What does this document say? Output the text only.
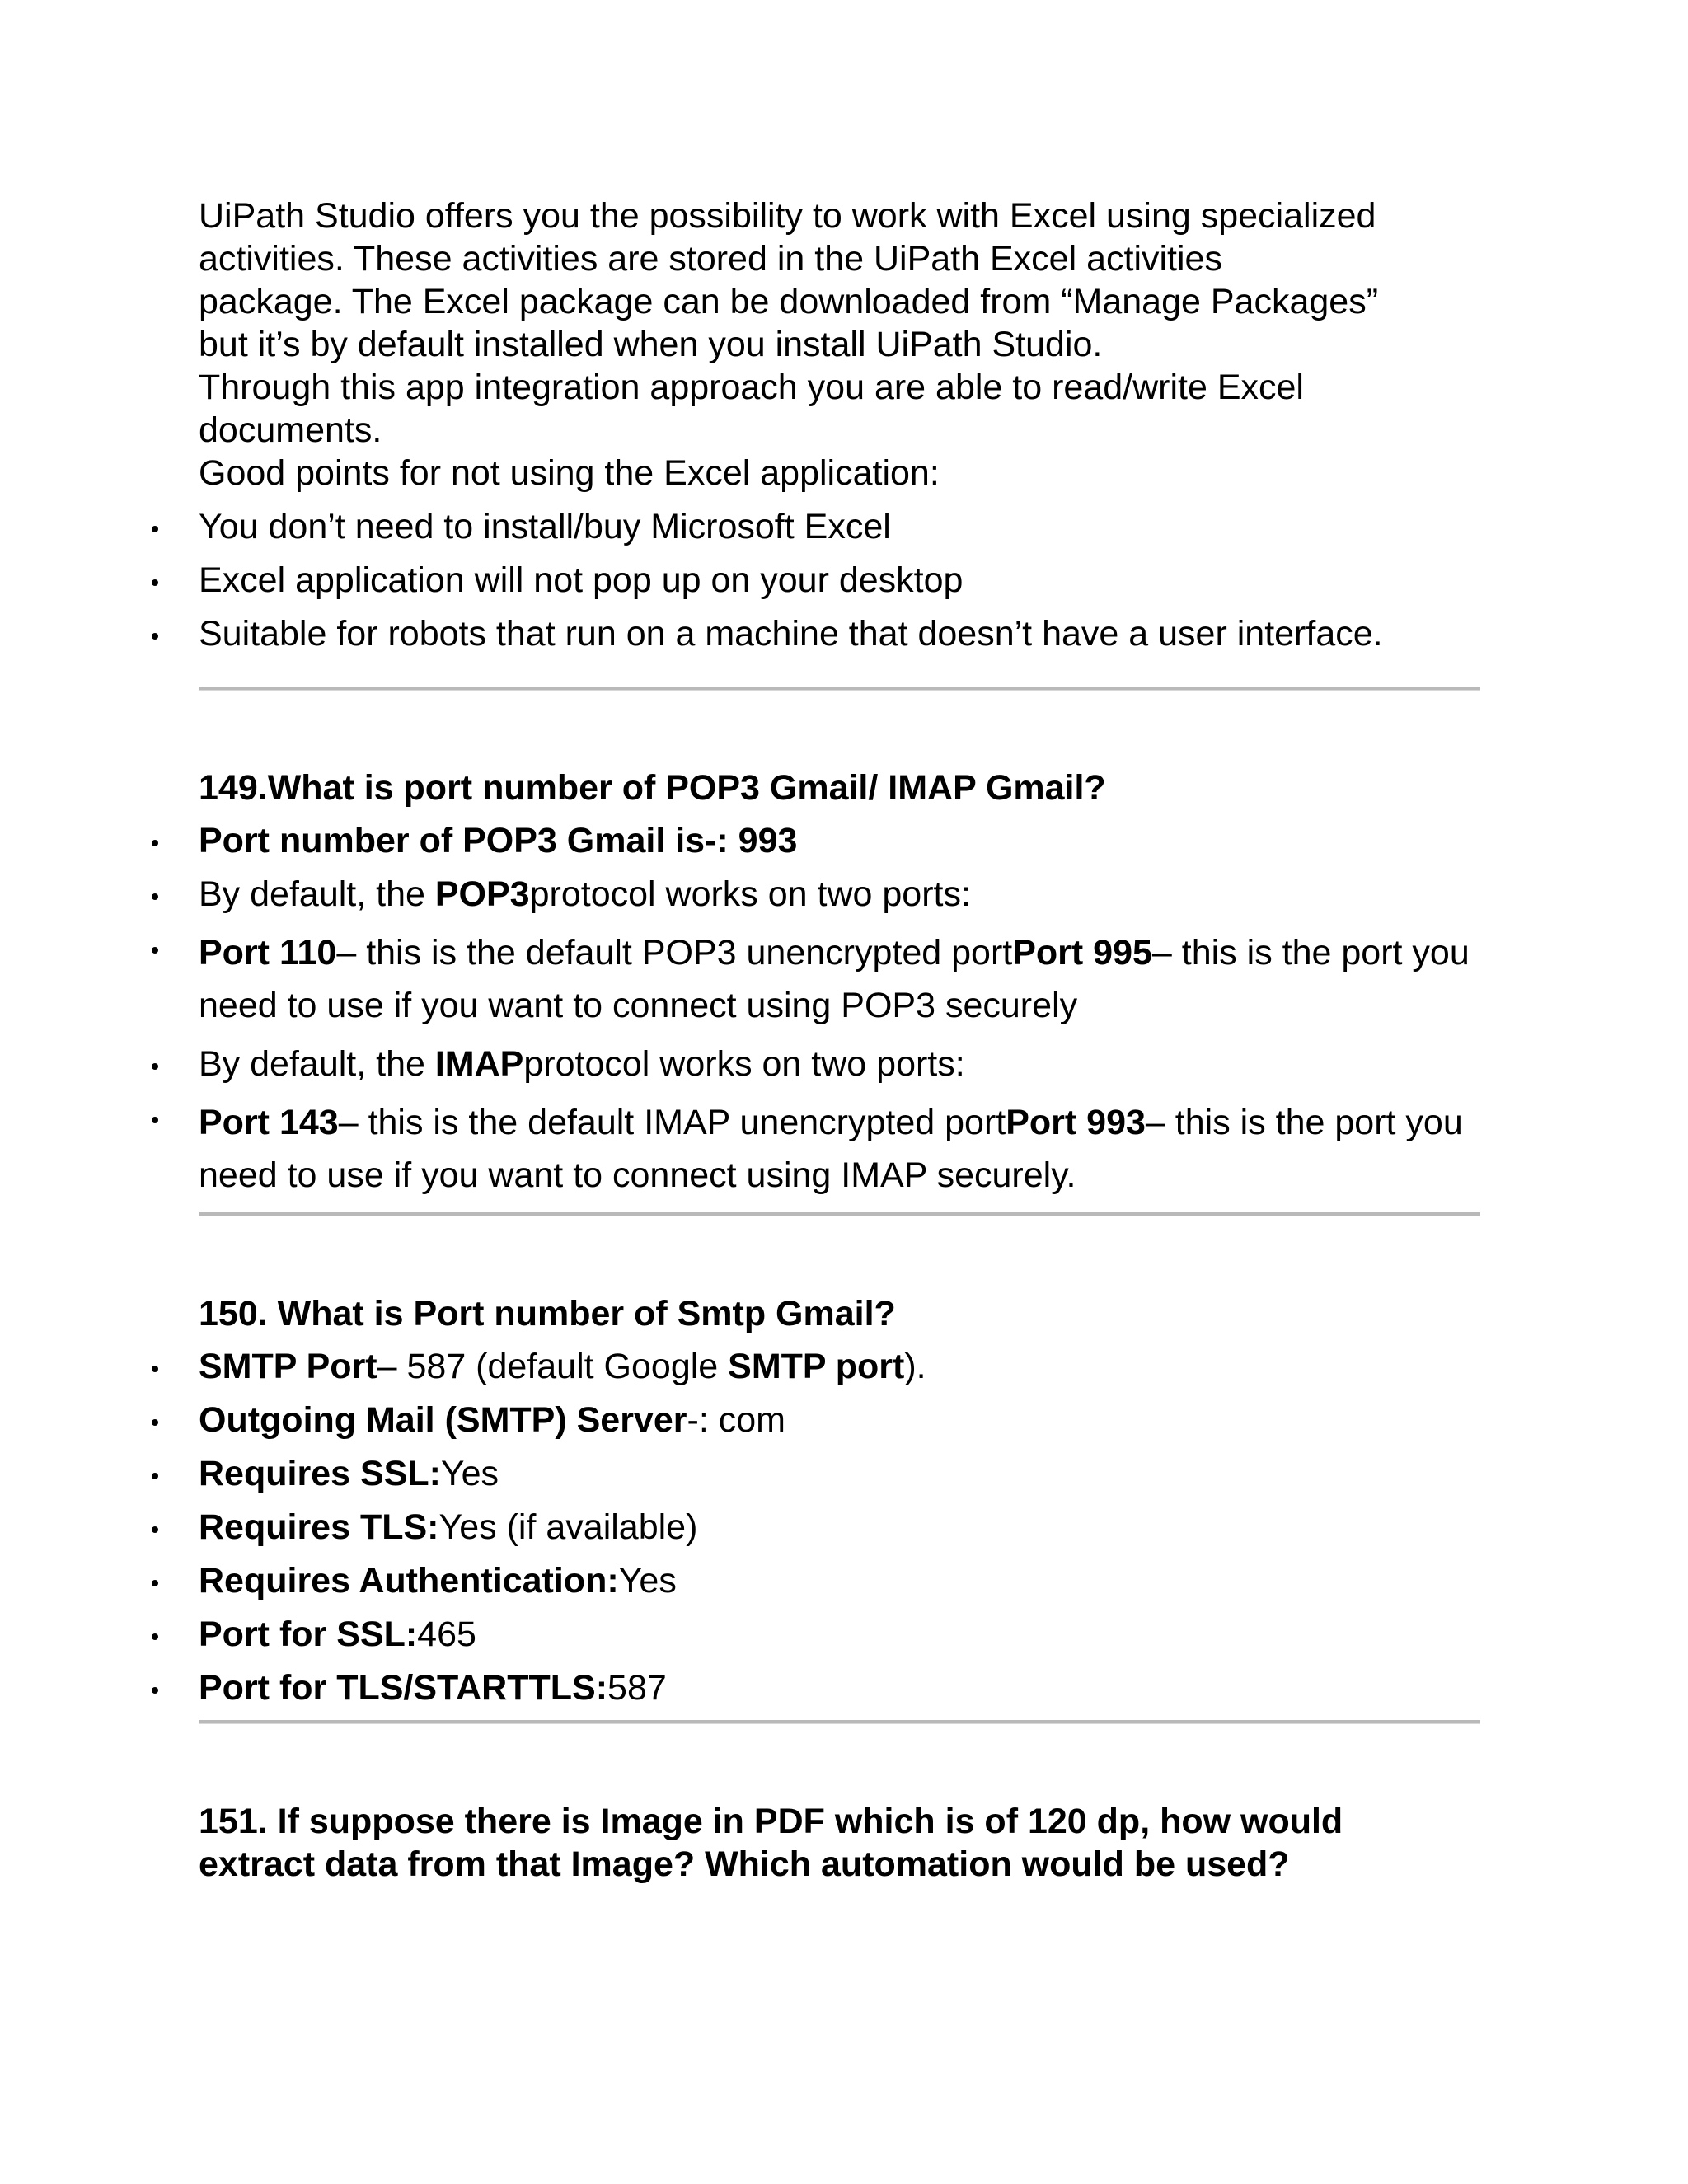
UiPath Studio offers you the possibility to work with Excel using specialized

activities. These activities are stored in the UiPath Excel activities

package. The Excel package can be downloaded from “Manage Packages”

but it’s by default installed when you install UiPath Studio.

Through this app integration approach you are able to read/write Excel

documents.

Good points for not using the Excel application:

You don’t need to install/buy Microsoft Excel
Excel application will not pop up on your desktop
Suitable for robots that run on a machine that doesn’t have a user interface.

149.What is port number of POP3 Gmail/ IMAP Gmail?

Port number of POP3 Gmail is-: 993
By default, the POP3protocol works on two ports:
Port 110– this is the default POP3 unencrypted portPort 995– this is the port you need to use if you want to connect using POP3 securely
By default, the IMAPprotocol works on two ports:
Port 143– this is the default IMAP unencrypted portPort 993– this is the port you need to use if you want to connect using IMAP securely.

150. What is Port number of Smtp Gmail?

SMTP Port– 587 (default Google SMTP port).
Outgoing Mail (SMTP) Server-: com
Requires SSL:Yes
Requires TLS:Yes (if available)
Requires Authentication:Yes
Port for SSL:465
Port for TLS/STARTTLS:587

151. If suppose there is Image in PDF which is of 120 dp, how would

extract data from that Image? Which automation would be used?
